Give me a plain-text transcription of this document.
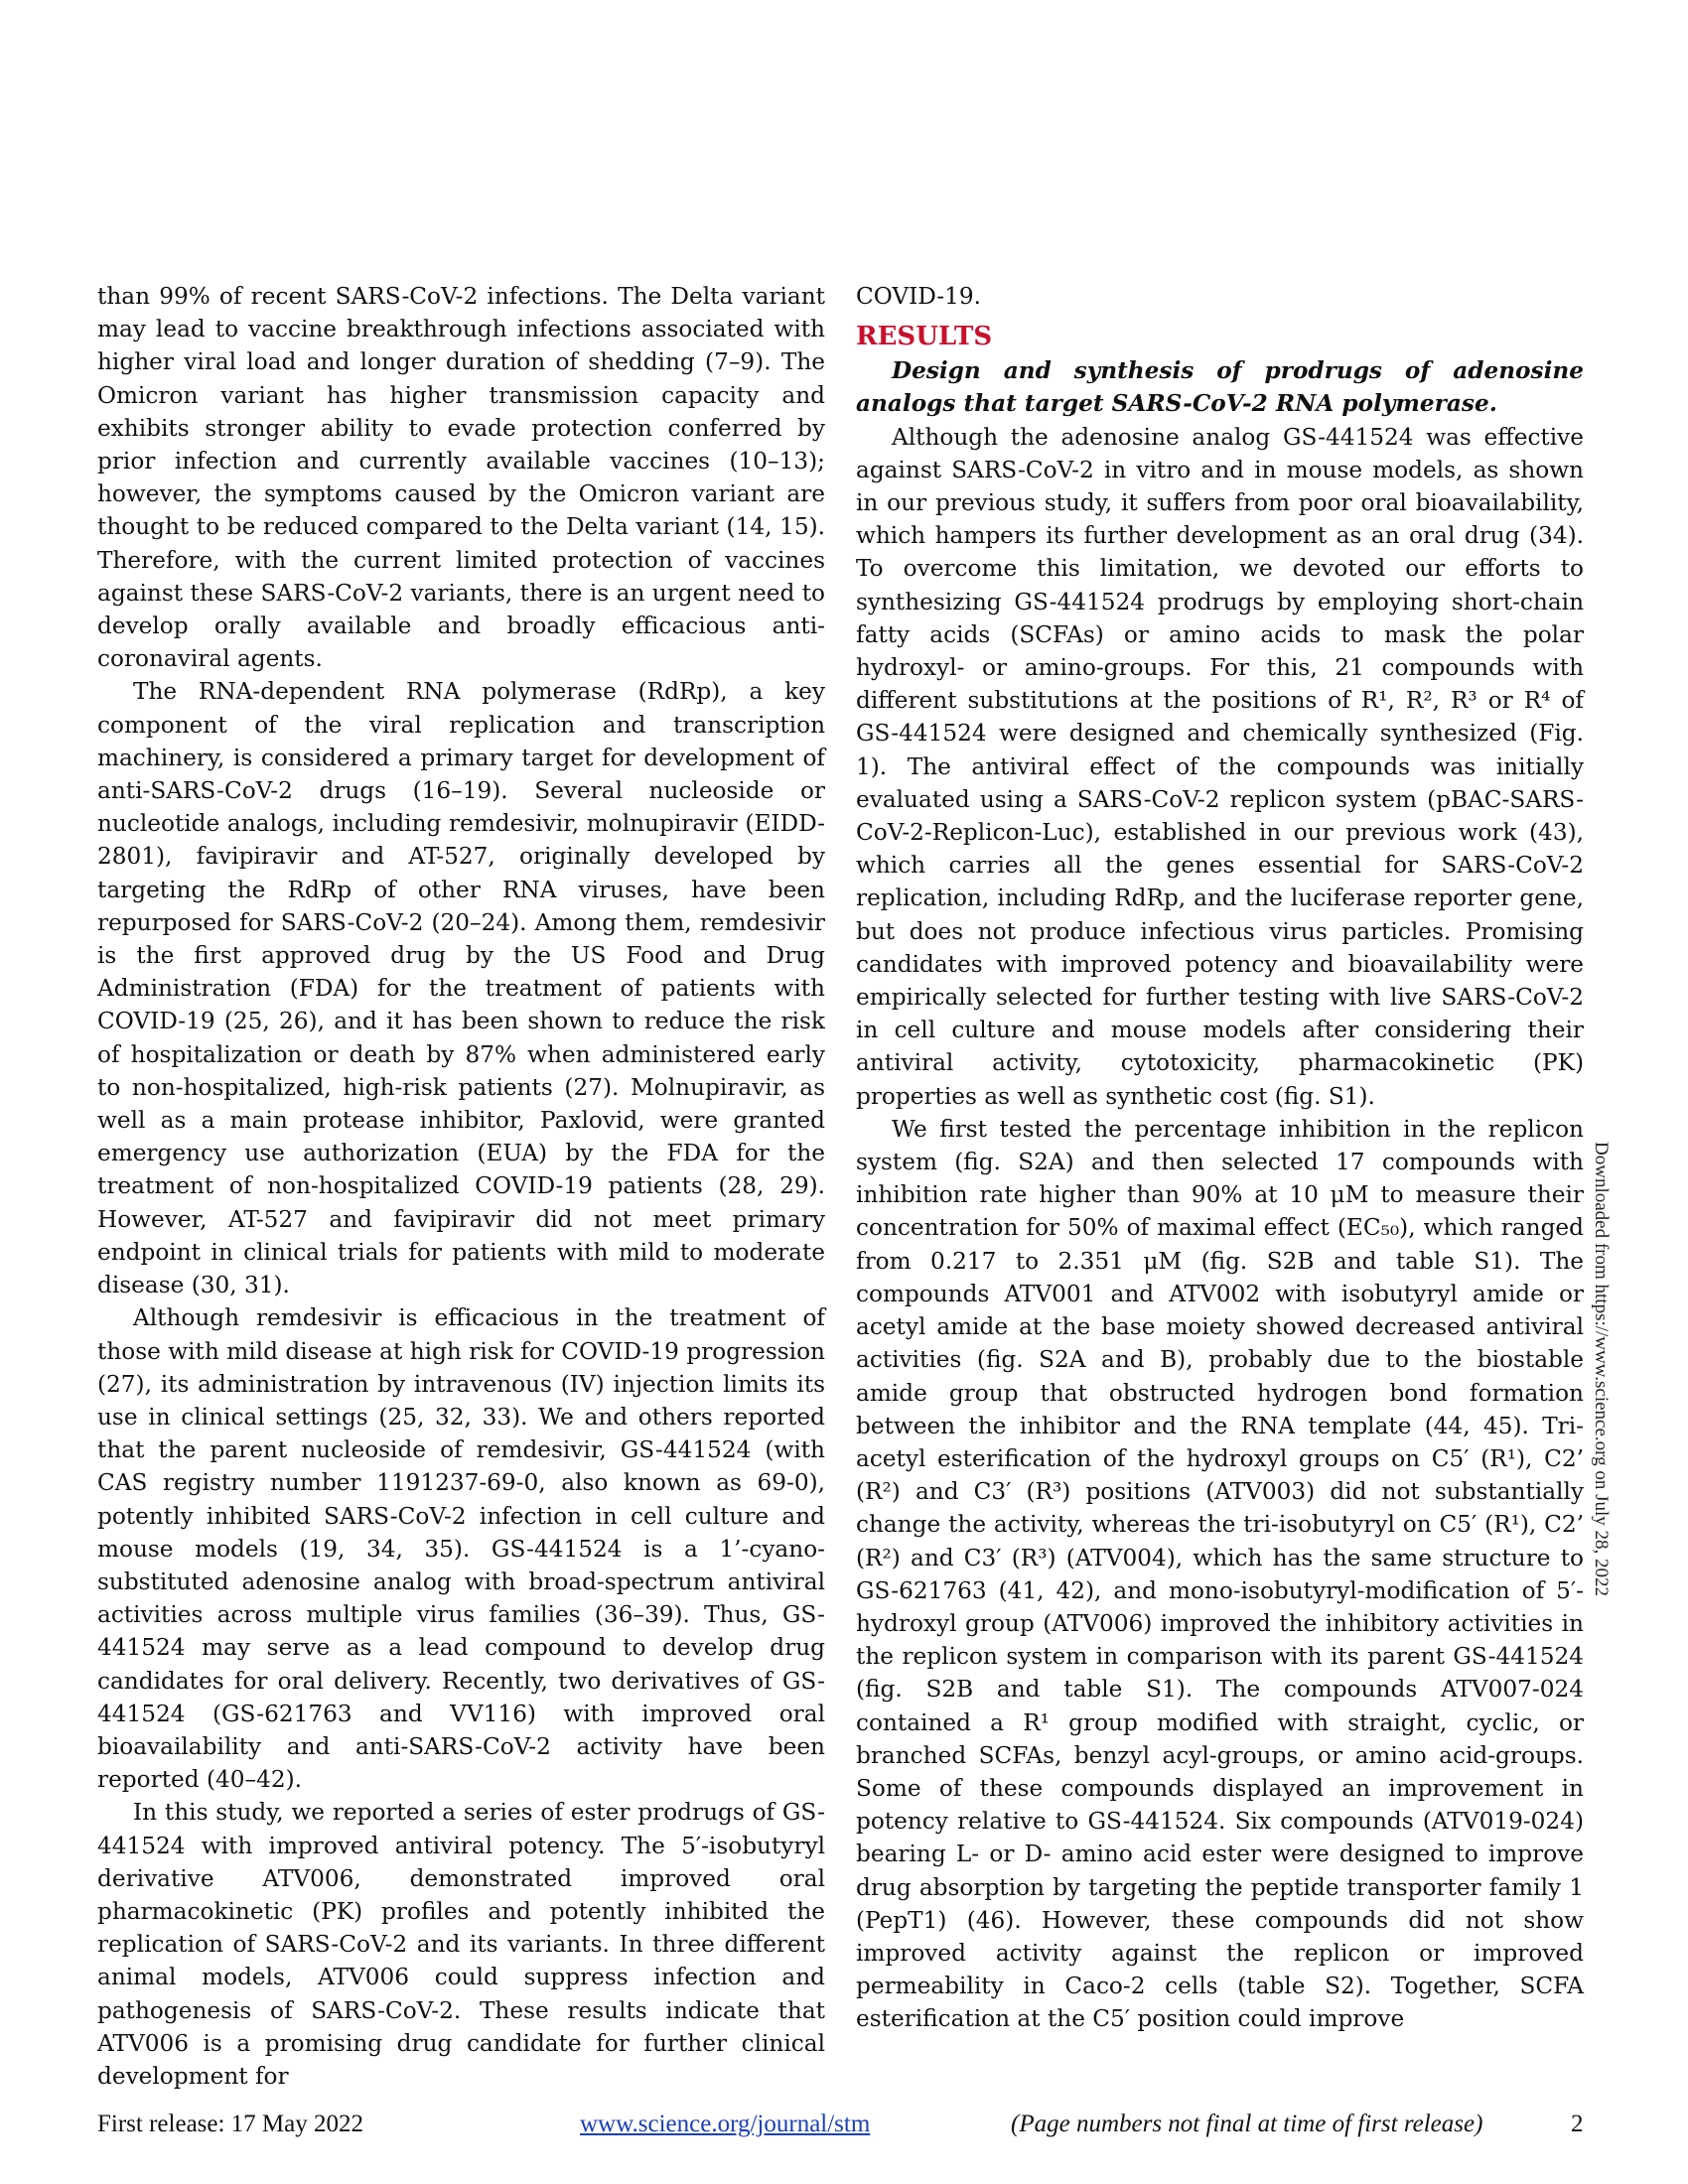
than 99% of recent SARS-CoV-2 infections. The Delta variant may lead to vaccine breakthrough infections associated with higher viral load and longer duration of shedding (7–9). The Omicron variant has higher transmission capacity and exhibits stronger ability to evade protection conferred by prior infection and currently available vaccines (10–13); however, the symptoms caused by the Omicron variant are thought to be reduced compared to the Delta variant (14, 15). Therefore, with the current limited protection of vaccines against these SARS-CoV-2 variants, there is an urgent need to develop orally available and broadly efficacious anti-coronaviral agents.

The RNA-dependent RNA polymerase (RdRp), a key component of the viral replication and transcription machinery, is considered a primary target for development of anti-SARS-CoV-2 drugs (16–19). Several nucleoside or nucleotide analogs, including remdesivir, molnupiravir (EIDD-2801), favipiravir and AT-527, originally developed by targeting the RdRp of other RNA viruses, have been repurposed for SARS-CoV-2 (20–24). Among them, remdesivir is the first approved drug by the US Food and Drug Administration (FDA) for the treatment of patients with COVID-19 (25, 26), and it has been shown to reduce the risk of hospitalization or death by 87% when administered early to non-hospitalized, high-risk patients (27). Molnupiravir, as well as a main protease inhibitor, Paxlovid, were granted emergency use authorization (EUA) by the FDA for the treatment of non-hospitalized COVID-19 patients (28, 29). However, AT-527 and favipiravir did not meet primary endpoint in clinical trials for patients with mild to moderate disease (30, 31).

Although remdesivir is efficacious in the treatment of those with mild disease at high risk for COVID-19 progression (27), its administration by intravenous (IV) injection limits its use in clinical settings (25, 32, 33). We and others reported that the parent nucleoside of remdesivir, GS-441524 (with CAS registry number 1191237-69-0, also known as 69-0), potently inhibited SARS-CoV-2 infection in cell culture and mouse models (19, 34, 35). GS-441524 is a 1’-cyano-substituted adenosine analog with broad-spectrum antiviral activities across multiple virus families (36–39). Thus, GS-441524 may serve as a lead compound to develop drug candidates for oral delivery. Recently, two derivatives of GS-441524 (GS-621763 and VV116) with improved oral bioavailability and anti-SARS-CoV-2 activity have been reported (40–42).

In this study, we reported a series of ester prodrugs of GS-441524 with improved antiviral potency. The 5′-isobutyryl derivative ATV006, demonstrated improved oral pharmacokinetic (PK) profiles and potently inhibited the replication of SARS-CoV-2 and its variants. In three different animal models, ATV006 could suppress infection and pathogenesis of SARS-CoV-2. These results indicate that ATV006 is a promising drug candidate for further clinical development for

COVID-19.

RESULTS

Design and synthesis of prodrugs of adenosine analogs that target SARS-CoV-2 RNA polymerase.

Although the adenosine analog GS-441524 was effective against SARS-CoV-2 in vitro and in mouse models, as shown in our previous study, it suffers from poor oral bioavailability, which hampers its further development as an oral drug (34). To overcome this limitation, we devoted our efforts to synthesizing GS-441524 prodrugs by employing short-chain fatty acids (SCFAs) or amino acids to mask the polar hydroxyl- or amino-groups. For this, 21 compounds with different substitutions at the positions of R¹, R², R³ or R⁴ of GS-441524 were designed and chemically synthesized (Fig. 1). The antiviral effect of the compounds was initially evaluated using a SARS-CoV-2 replicon system (pBAC-SARS-CoV-2-Replicon-Luc), established in our previous work (43), which carries all the genes essential for SARS-CoV-2 replication, including RdRp, and the luciferase reporter gene, but does not produce infectious virus particles. Promising candidates with improved potency and bioavailability were empirically selected for further testing with live SARS-CoV-2 in cell culture and mouse models after considering their antiviral activity, cytotoxicity, pharmacokinetic (PK) properties as well as synthetic cost (fig. S1).

We first tested the percentage inhibition in the replicon system (fig. S2A) and then selected 17 compounds with inhibition rate higher than 90% at 10 μM to measure their concentration for 50% of maximal effect (EC₅₀), which ranged from 0.217 to 2.351 μM (fig. S2B and table S1). The compounds ATV001 and ATV002 with isobutyryl amide or acetyl amide at the base moiety showed decreased antiviral activities (fig. S2A and B), probably due to the biostable amide group that obstructed hydrogen bond formation between the inhibitor and the RNA template (44, 45). Tri-acetyl esterification of the hydroxyl groups on C5′ (R¹), C2’ (R²) and C3′ (R³) positions (ATV003) did not substantially change the activity, whereas the tri-isobutyryl on C5′ (R¹), C2’ (R²) and C3′ (R³) (ATV004), which has the same structure to GS-621763 (41, 42), and mono-isobutyryl-modification of 5′-hydroxyl group (ATV006) improved the inhibitory activities in the replicon system in comparison with its parent GS-441524 (fig. S2B and table S1). The compounds ATV007-024 contained a R¹ group modified with straight, cyclic, or branched SCFAs, benzyl acyl-groups, or amino acid-groups. Some of these compounds displayed an improvement in potency relative to GS-441524. Six compounds (ATV019-024) bearing L- or D- amino acid ester were designed to improve drug absorption by targeting the peptide transporter family 1 (PepT1) (46). However, these compounds did not show improved activity against the replicon or improved permeability in Caco-2 cells (table S2). Together, SCFA esterification at the C5′ position could improve

Downloaded from https://www.science.org on July 28, 2022
First release: 17 May 2022	www.science.org/journal/stm	(Page numbers not final at time of first release)	2
